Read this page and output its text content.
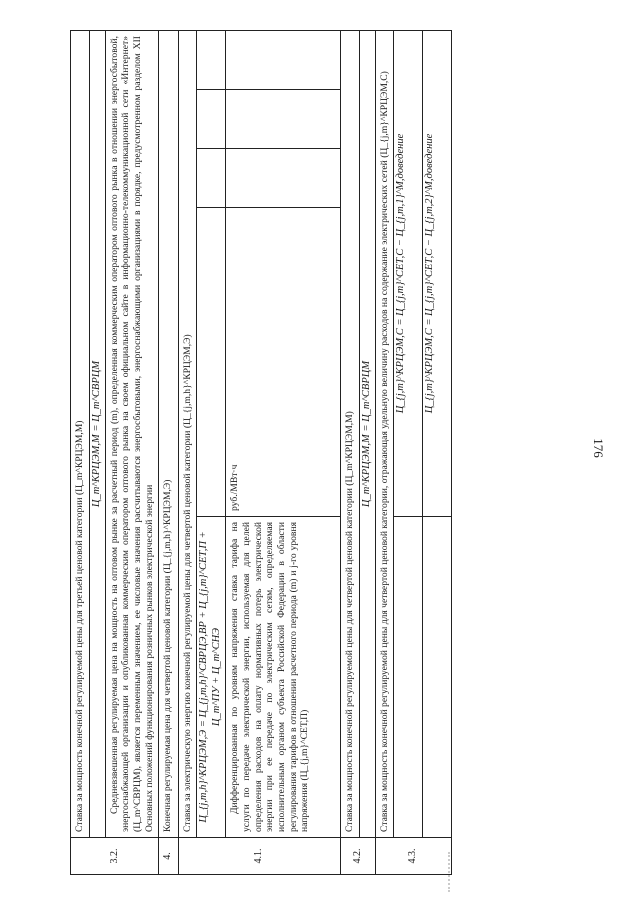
176
3.2.	Ставка за мощность конечной регулируемой цены для третьей ценовой категории (Ц_m^КРЦЭМ,М)				
	Ц_m^КРЦЭМ,М = Ц_m^СВРЦМ				
	Средневзвешенная регулируемая цена на мощность на оптовом рынке за расчетный период (m), определенная коммерческим оператором оптового рынка в отношении энергосбытовой, энергоснабжающей организации и опубликованная коммерческим оператором оптового рынка на своем официальном сайте в информационно-телекоммуникационной сети «Интернет» (Ц_m^СВРЦМ), является переменным значением, ее числовые значения рассчитываются энергосбытовыми, энергоснабжающими организациями в порядке, предусмотренном разделом XII Основных положений функционирования розничных рынков электрической энергии				
4.	Конечная регулируемая цена для четвертой ценовой категории (Ц_{j,m,h}^КРЦЭМ,Э)				
4.1.	Ставка за электрическую энергию конечной регулируемой цены для четвертой ценовой категории (Ц_{j,m,h}^КРЦЭМ,Э)				
	Ц_{j,m,h}^КРЦЭМ,Э = Ц_{j,m,h}^СВРЦЭ,ВР + Ц_{j,m}^СЕТ,П + Ц_m^ПУ + Ц_m^СНЭ				
	Дифференцированная по уровням напряжения ставка тарифа на услуги по передаче электрической энергии, используемая для целей определения расходов на оплату нормативных потерь электрической энергии при ее передаче по электрическим сетям, определяемая исполнительным органом субъекта Российской Федерации в области регулирования тарифов в отношении расчетного периода (m) и j-го уровня напряжения (Ц_{j,m}^СЕТ,П)	руб./МВт·ч			
4.2.	Ставка за мощность конечной регулируемой цены для четвертой ценовой категории (Ц_m^КРЦЭМ,М)				
	Ц_m^КРЦЭМ,М = Ц_m^СВРЦМ				
4.3.	Ставка за мощность конечной регулируемой цены для четвертой ценовой категории, отражающая удельную величину расходов на содержание электрических сетей (Ц_{j,m}^КРЦЭМ,С)				
		Ц_{j,m}^КРЦЭМ,С = Ц_{j,m}^СЕТ,С − Ц_{j,m,1}^М,доведение			
		Ц_{j,m}^КРЦЭМ,С = Ц_{j,m}^СЕТ,С − Ц_{j,m,2}^М,доведение			
